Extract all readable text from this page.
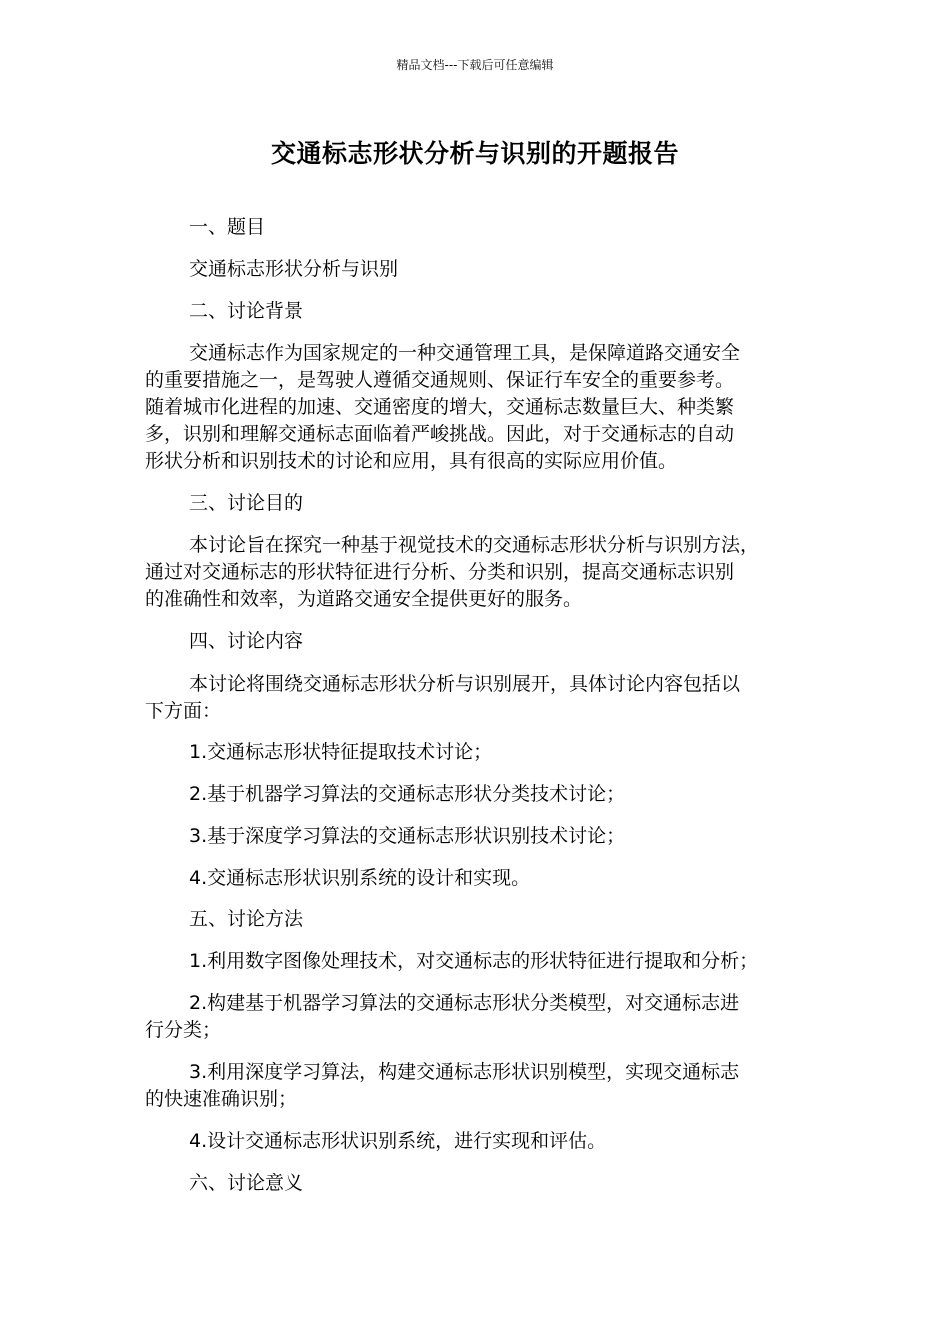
精品文档---下载后可任意编辑
交通标志形状分析与识别的开题报告
一、题目
交通标志形状分析与识别
二、讨论背景
交通标志作为国家规定的一种交通管理工具，是保障道路交通安全
的重要措施之一，是驾驶人遵循交通规则、保证行车安全的重要参考。
随着城市化进程的加速、交通密度的增大，交通标志数量巨大、种类繁
多，识别和理解交通标志面临着严峻挑战。因此，对于交通标志的自动
形状分析和识别技术的讨论和应用，具有很高的实际应用价值。
三、讨论目的
本讨论旨在探究一种基于视觉技术的交通标志形状分析与识别方法，
通过对交通标志的形状特征进行分析、分类和识别，提高交通标志识别
的准确性和效率，为道路交通安全提供更好的服务。
四、讨论内容
本讨论将围绕交通标志形状分析与识别展开，具体讨论内容包括以
下方面：
1.交通标志形状特征提取技术讨论；
2.基于机器学习算法的交通标志形状分类技术讨论；
3.基于深度学习算法的交通标志形状识别技术讨论；
4.交通标志形状识别系统的设计和实现。
五、讨论方法
1.利用数字图像处理技术，对交通标志的形状特征进行提取和分析；
2.构建基于机器学习算法的交通标志形状分类模型，对交通标志进
行分类；
3.利用深度学习算法，构建交通标志形状识别模型，实现交通标志
的快速准确识别；
4.设计交通标志形状识别系统，进行实现和评估。
六、讨论意义
